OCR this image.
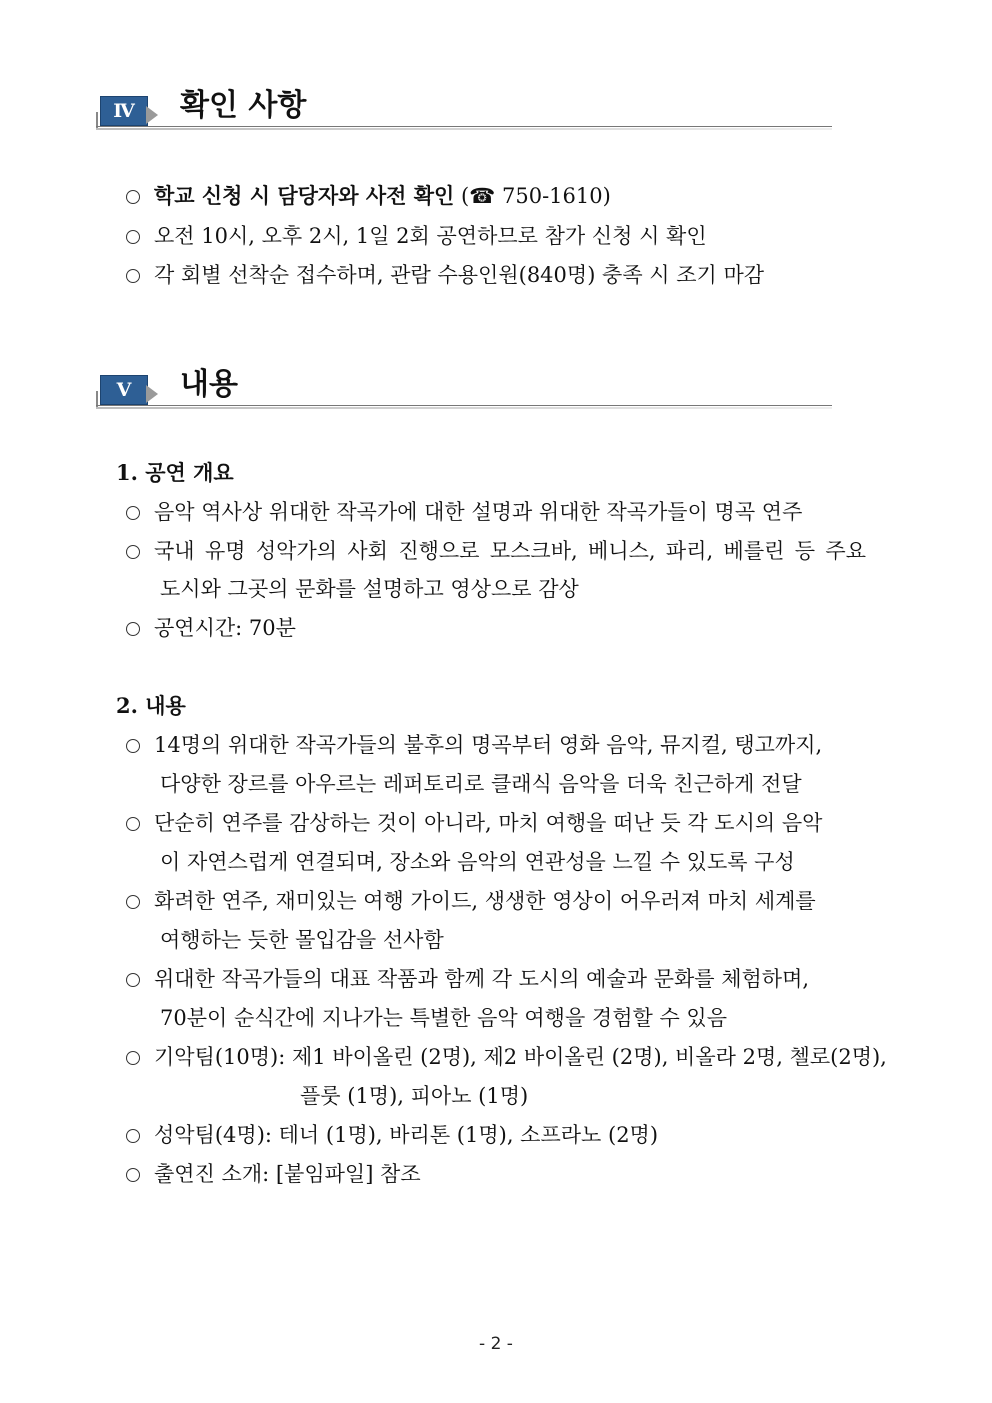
Ⅳ	확인 사항
학교 신청 시 담당자와 사전 확인 (☎ 750-1610)
오전 10시, 오후 2시, 1일 2회 공연하므로 참가 신청 시 확인
각 회별 선착순 접수하며, 관람 수용인원(840명) 충족 시 조기 마감
Ⅴ	내용
1. 공연 개요
음악 역사상 위대한 작곡가에 대한 설명과 위대한 작곡가들이 명곡 연주
국내 유명 성악가의 사회 진행으로 모스크바, 베니스, 파리, 베를린 등 주요
도시와 그곳의 문화를 설명하고 영상으로 감상
공연시간: 70분
2. 내용
14명의 위대한 작곡가들의 불후의 명곡부터 영화 음악, 뮤지컬, 탱고까지,
다양한 장르를 아우르는 레퍼토리로 클래식 음악을 더욱 친근하게 전달
단순히 연주를 감상하는 것이 아니라, 마치 여행을 떠난 듯 각 도시의 음악
이 자연스럽게 연결되며, 장소와 음악의 연관성을 느낄 수 있도록 구성
화려한 연주, 재미있는 여행 가이드, 생생한 영상이 어우러져 마치 세계를
여행하는 듯한 몰입감을 선사함
위대한 작곡가들의 대표 작품과 함께 각 도시의 예술과 문화를 체험하며,
70분이 순식간에 지나가는 특별한 음악 여행을 경험할 수 있음
기악팀(10명): 제1 바이올린 (2명), 제2 바이올린 (2명), 비올라 2명, 첼로(2명),
플룻 (1명), 피아노 (1명)
성악팀(4명): 테너 (1명), 바리톤 (1명), 소프라노 (2명)
출연진 소개: [붙임파일] 참조
- 2 -
